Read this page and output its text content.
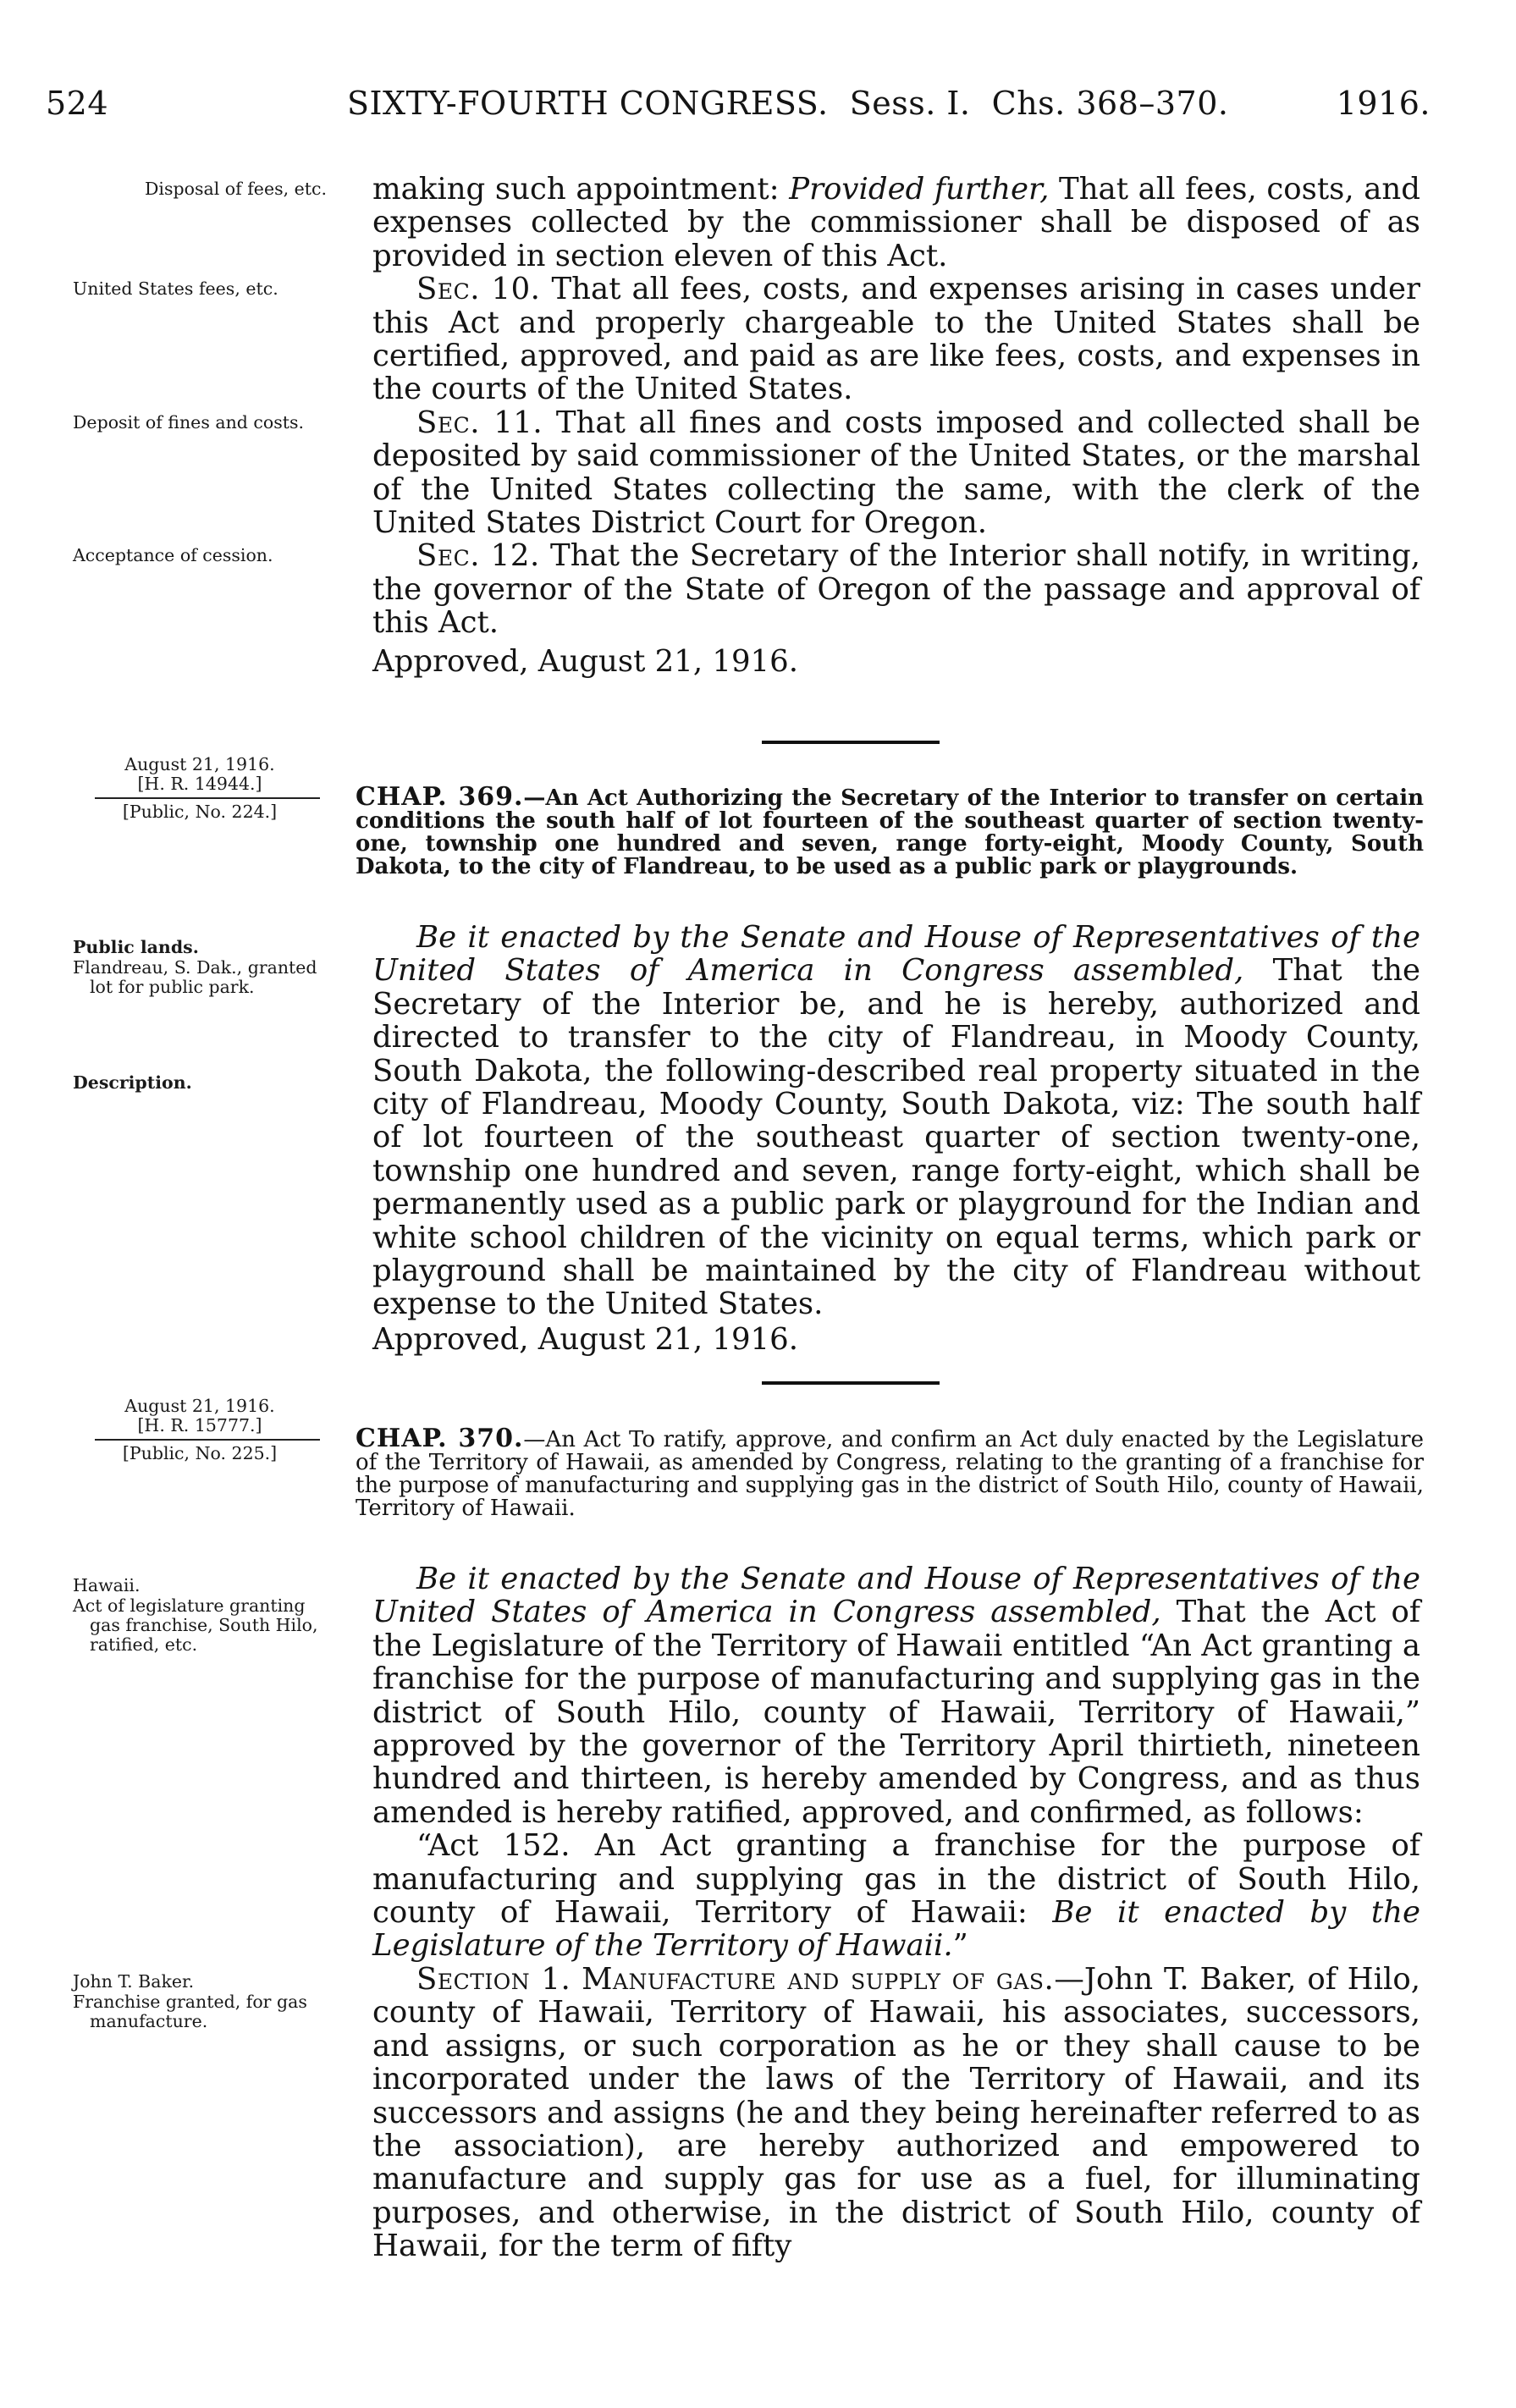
524	SIXTY-FOURTH CONGRESS.  Sess. I.  Chs. 368–370.	1916.
Disposal of fees, etc.
United States fees, etc.
Deposit of fines and costs.
Acceptance of cession.

making such appointment: Provided further, That all fees, costs, and expenses collected by the commissioner shall be disposed of as provided in section eleven of this Act.

Sec. 10. That all fees, costs, and expenses arising in cases under this Act and properly chargeable to the United States shall be certified, approved, and paid as are like fees, costs, and expenses in the courts of the United States.

Sec. 11. That all fines and costs imposed and collected shall be deposited by said commissioner of the United States, or the marshal of the United States collecting the same, with the clerk of the United States District Court for Oregon.

Sec. 12. That the Secretary of the Interior shall notify, in writing, the governor of the State of Oregon of the passage and approval of this Act.

Approved, August 21, 1916.

August 21, 1916.
[H. R. 14944.]
[Public, No. 224.]	CHAP. 369.—An Act Authorizing the Secretary of the Interior to transfer on certain conditions the south half of lot fourteen of the southeast quarter of section twenty-one, township one hundred and seven, range forty-eight, Moody County, South Dakota, to the city of Flandreau, to be used as a public park or playgrounds.

Public lands.
Flandreau, S. Dak., granted lot for public park.
Description.

Be it enacted by the Senate and House of Representatives of the United States of America in Congress assembled, That the Secretary of the Interior be, and he is hereby, authorized and directed to transfer to the city of Flandreau, in Moody County, South Dakota, the following-described real property situated in the city of Flandreau, Moody County, South Dakota, viz: The south half of lot fourteen of the southeast quarter of section twenty-one, township one hundred and seven, range forty-eight, which shall be permanently used as a public park or playground for the Indian and white school children of the vicinity on equal terms, which park or playground shall be maintained by the city of Flandreau without expense to the United States.

Approved, August 21, 1916.

August 21, 1916.
[H. R. 15777.]
[Public, No. 225.]	CHAP. 370.—An Act To ratify, approve, and confirm an Act duly enacted by the Legislature of the Territory of Hawaii, as amended by Congress, relating to the granting of a franchise for the purpose of manufacturing and supplying gas in the district of South Hilo, county of Hawaii, Territory of Hawaii.

Hawaii.
Act of legislature granting gas franchise, South Hilo, ratified, etc.
John T. Baker.
Franchise granted, for gas manufacture.

Be it enacted by the Senate and House of Representatives of the United States of America in Congress assembled, That the Act of the Legislature of the Territory of Hawaii entitled “An Act granting a franchise for the purpose of manufacturing and supplying gas in the district of South Hilo, county of Hawaii, Territory of Hawaii,” approved by the governor of the Territory April thirtieth, nineteen hundred and thirteen, is hereby amended by Congress, and as thus amended is hereby ratified, approved, and confirmed, as follows:

“Act 152. An Act granting a franchise for the purpose of manufacturing and supplying gas in the district of South Hilo, county of Hawaii, Territory of Hawaii: Be it enacted by the Legislature of the Territory of Hawaii.”

Section 1. Manufacture and supply of gas.—John T. Baker, of Hilo, county of Hawaii, Territory of Hawaii, his associates, successors, and assigns, or such corporation as he or they shall cause to be incorporated under the laws of the Territory of Hawaii, and its successors and assigns (he and they being hereinafter referred to as the association), are hereby authorized and empowered to manufacture and supply gas for use as a fuel, for illuminating purposes, and otherwise, in the district of South Hilo, county of Hawaii, for the term of fifty
